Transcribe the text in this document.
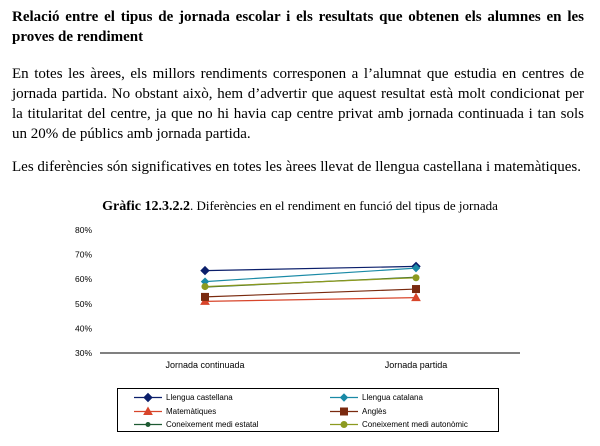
Relació entre el tipus de jornada escolar i els resultats que obtenen els alumnes en les proves de rendiment
En totes les àrees, els millors rendiments corresponen a l’alumnat que estudia en centres de jornada partida. No obstant això, hem d’advertir que aquest resultat està molt condicionat per la titularitat del centre, ja que no hi havia cap centre privat amb jornada continuada i tan sols un 20% de públics amb jornada partida.
Les diferències són significatives en totes les àrees llevat de llengua castellana i matemàtiques.
Gràfic 12.3.2.2. Diferències en el rendiment en funció del tipus de jornada
30%
40%
50%
60%
70%
80%
Jornada continuada	Jornada partida
Llengua castellana	Llengua catalana
Matemàtiques	Anglès
Coneixement medi estatal	Coneixement medi autonòmic
